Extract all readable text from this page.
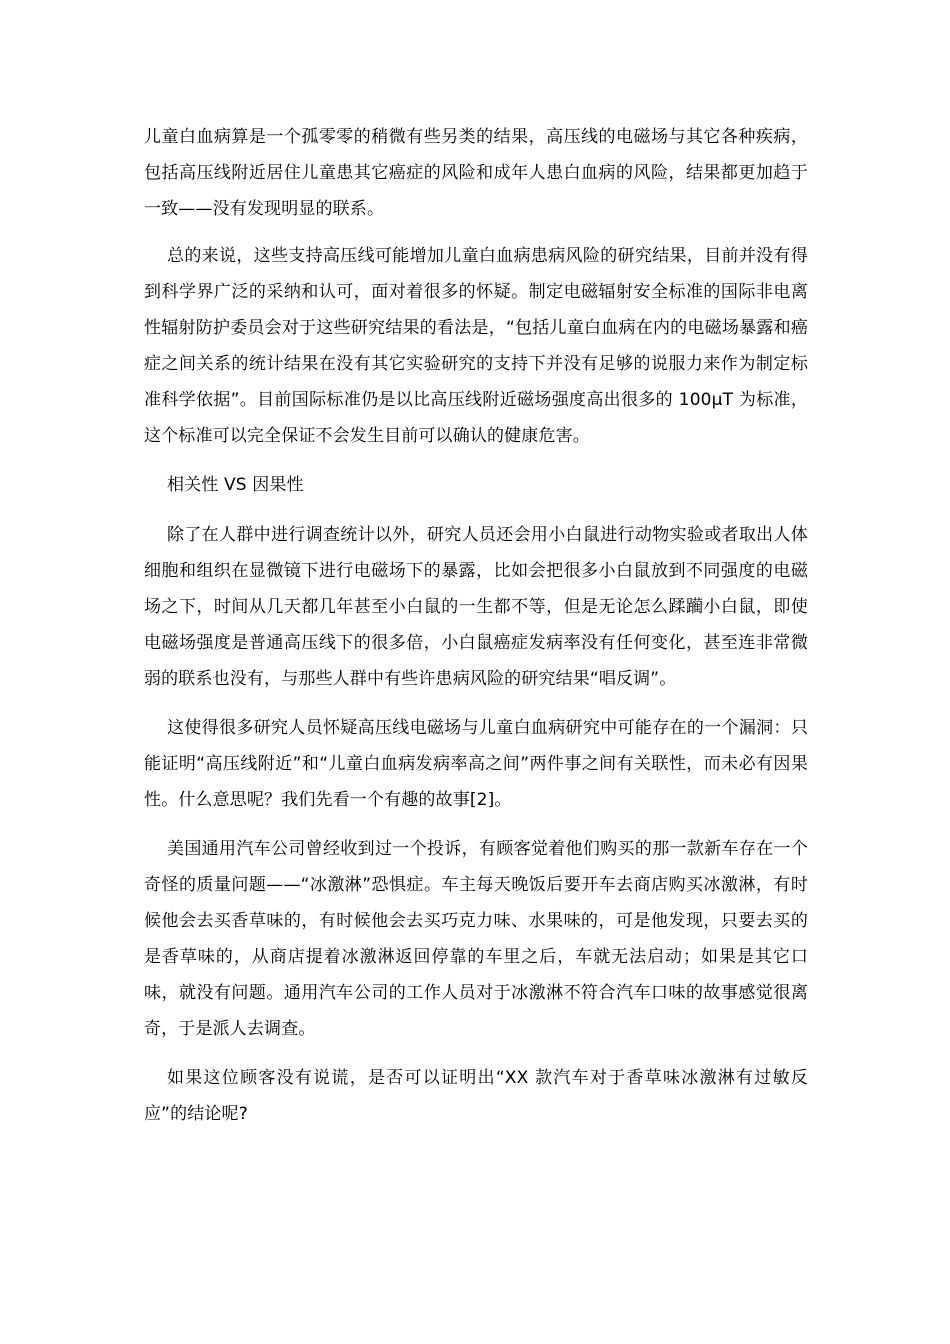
儿童白血病算是一个孤零零的稍微有些另类的结果，高压线的电磁场与其它各种疾病，包括高压线附近居住儿童患其它癌症的风险和成年人患白血病的风险，结果都更加趋于一致——没有发现明显的联系。

总的来说，这些支持高压线可能增加儿童白血病患病风险的研究结果，目前并没有得到科学界广泛的采纳和认可，面对着很多的怀疑。制定电磁辐射安全标准的国际非电离性辐射防护委员会对于这些研究结果的看法是，“包括儿童白血病在内的电磁场暴露和癌症之间关系的统计结果在没有其它实验研究的支持下并没有足够的说服力来作为制定标准科学依据”。目前国际标准仍是以比高压线附近磁场强度高出很多的 100μT 为标准，这个标准可以完全保证不会发生目前可以确认的健康危害。

相关性 VS 因果性

除了在人群中进行调查统计以外，研究人员还会用小白鼠进行动物实验或者取出人体细胞和组织在显微镜下进行电磁场下的暴露，比如会把很多小白鼠放到不同强度的电磁场之下，时间从几天都几年甚至小白鼠的一生都不等，但是无论怎么蹂躏小白鼠，即使电磁场强度是普通高压线下的很多倍，小白鼠癌症发病率没有任何变化，甚至连非常微弱的联系也没有，与那些人群中有些许患病风险的研究结果“唱反调”。

这使得很多研究人员怀疑高压线电磁场与儿童白血病研究中可能存在的一个漏洞：只能证明“高压线附近”和“儿童白血病发病率高之间”两件事之间有关联性，而未必有因果性。什么意思呢？我们先看一个有趣的故事[2]。

美国通用汽车公司曾经收到过一个投诉，有顾客觉着他们购买的那一款新车存在一个奇怪的质量问题——“冰激淋”恐惧症。车主每天晚饭后要开车去商店购买冰激淋，有时候他会去买香草味的，有时候他会去买巧克力味、水果味的，可是他发现，只要去买的是香草味的，从商店提着冰激淋返回停靠的车里之后，车就无法启动；如果是其它口味，就没有问题。通用汽车公司的工作人员对于冰激淋不符合汽车口味的故事感觉很离奇，于是派人去调查。

如果这位顾客没有说谎，是否可以证明出“XX 款汽车对于香草味冰激淋有过敏反应”的结论呢?
